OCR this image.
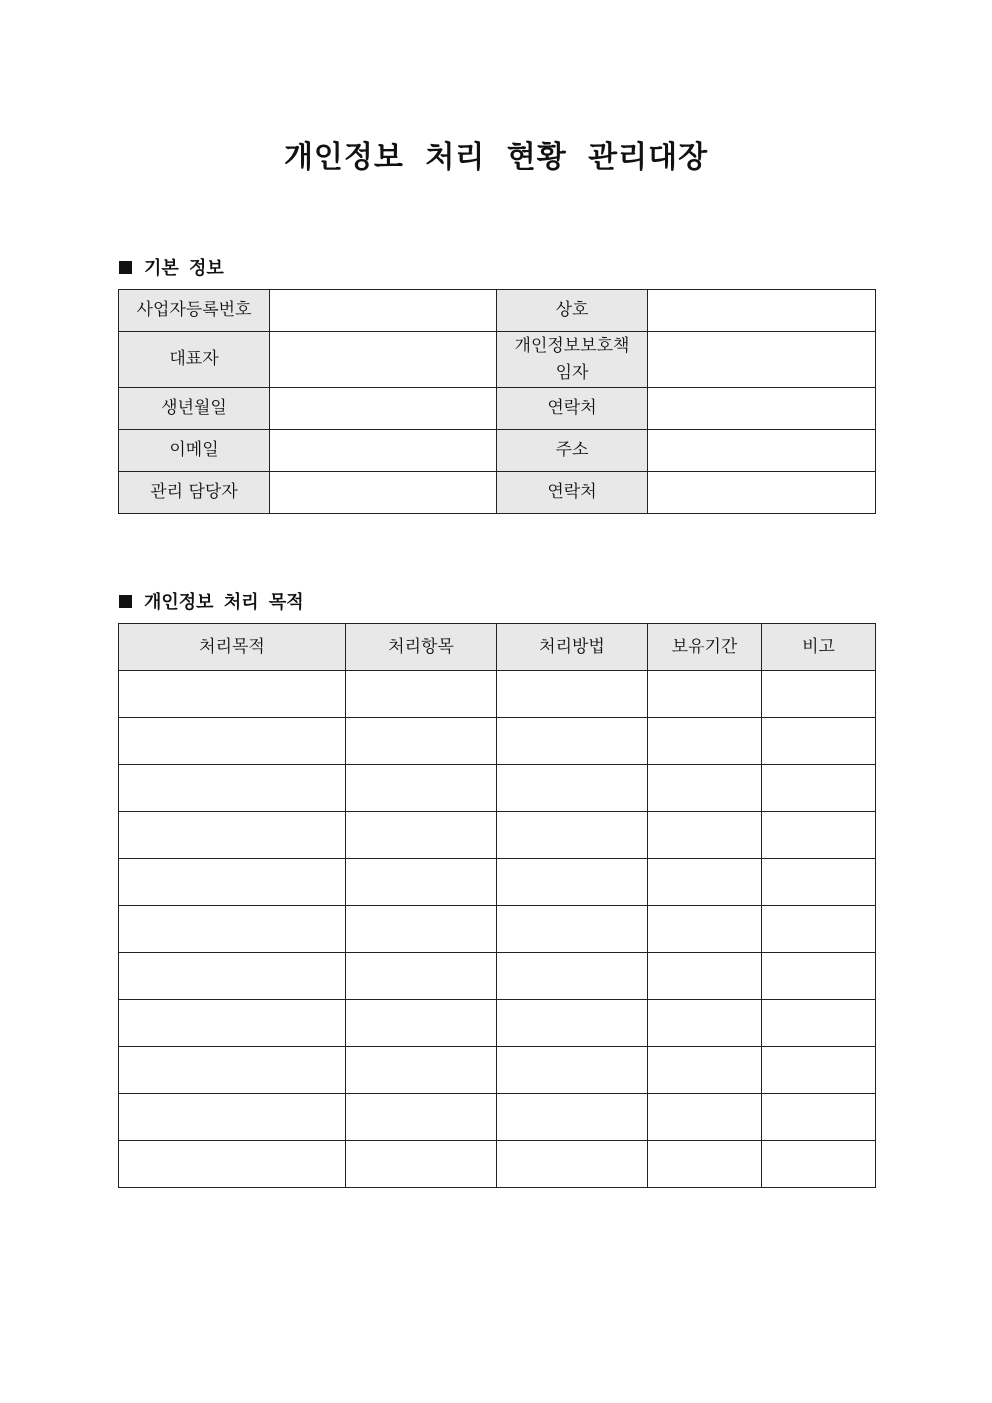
개인정보 처리 현황 관리대장
기본 정보
사업자등록번호		상호	
대표자		개인정보보호책
임자	

생년월일		연락처	
이메일		주소	
관리 담당자		연락처	
개인정보 처리 목적
처리목적	처리항목	처리방법	보유기간	비고
